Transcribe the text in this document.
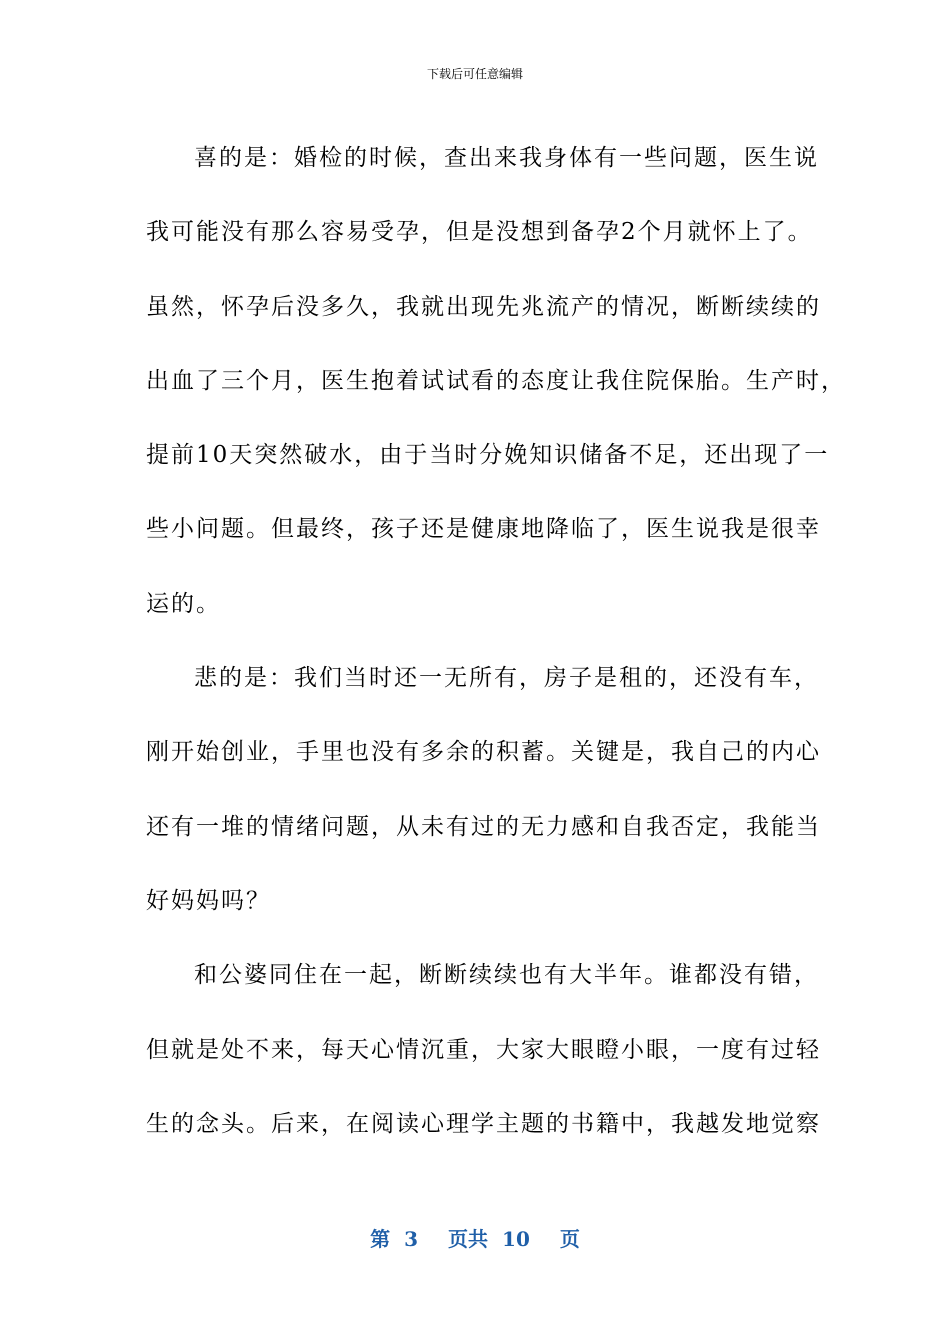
下载后可任意编辑

喜的是：婚检的时候，查出来我身体有一些问题，医生说
我可能没有那么容易受孕，但是没想到备孕2个月就怀上了。
虽然，怀孕后没多久，我就出现先兆流产的情况，断断续续的
出血了三个月，医生抱着试试看的态度让我住院保胎。生产时，
提前10天突然破水，由于当时分娩知识储备不足，还出现了一
些小问题。但最终，孩子还是健康地降临了，医生说我是很幸
运的。

悲的是：我们当时还一无所有，房子是租的，还没有车，
刚开始创业，手里也没有多余的积蓄。关键是，我自己的内心
还有一堆的情绪问题，从未有过的无力感和自我否定，我能当
好妈妈吗？

和公婆同住在一起，断断续续也有大半年。谁都没有错，
但就是处不来，每天心情沉重，大家大眼瞪小眼，一度有过轻
生的念头。后来，在阅读心理学主题的书籍中，我越发地觉察

第 3 页共 10 页
